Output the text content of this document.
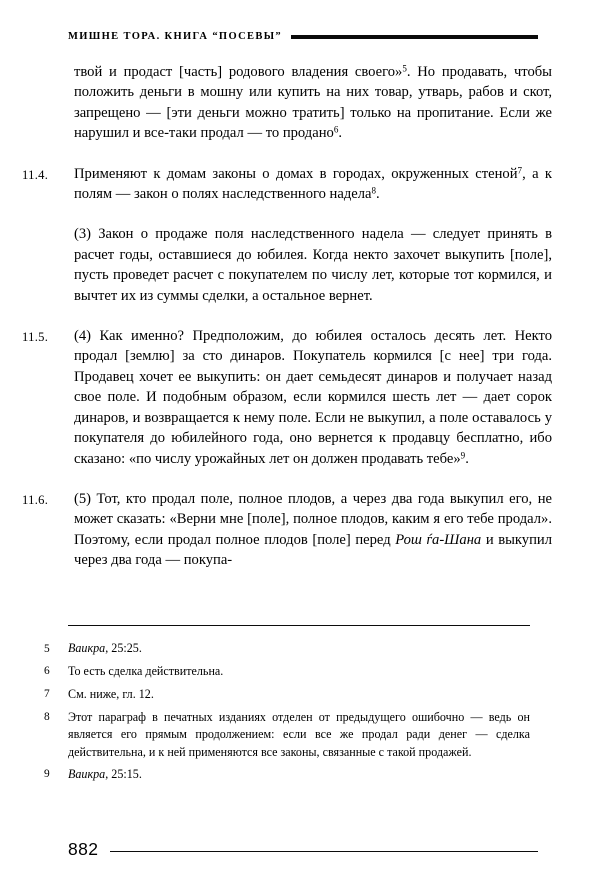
МИШНЕ ТОРА. КНИГА “ПОСЕВЫ”

твой и продаст [часть] родового владения своего»$^5$. Но продавать, чтобы положить деньги в мошну или купить на них товар, утварь, рабов и скот, запрещено — [эти деньги можно тратить] только на пропитание. Если же нарушил и все-таки продал — то продано$^6$.

11.4.	Применяют к домам законы о домах в городах, окруженных стеной$^7$, а к полям — закон о полях наследственного надела$^8$.

(3) Закон о продаже поля наследственного надела — следует принять в расчет годы, оставшиеся до юбилея. Когда некто захочет выкупить [поле], пусть проведет расчет с покупателем по числу лет, которые тот кормился, и вычтет их из суммы сделки, а остальное вернет.

11.5.	(4) Как именно? Предположим, до юбилея осталось десять лет. Некто продал [землю] за сто динаров. Покупатель кормился [с нее] три года. Продавец хочет ее выкупить: он дает семьдесят динаров и получает назад свое поле. И подобным образом, если кормился шесть лет — дает сорок динаров, и возвращается к нему поле. Если не выкупил, а поле оставалось у покупателя до юбилейного года, оно вернется к продавцу бесплатно, ибо сказано: «по числу урожайных лет он должен продавать тебе»$^9$.

11.6.	(5) Тот, кто продал поле, полное плодов, а через два года выкупил его, не может сказать: «Верни мне [поле], полное плодов, каким я его тебе продал». Поэтому, если продал полное плодов [поле] перед Рош ѓа-Шана и выкупил через два года — покупа-

5	Ваикра, 25:25.
6	То есть сделка действительна.
7	См. ниже, гл. 12.
8	Этот параграф в печатных изданиях отделен от предыдущего ошибочно — ведь он является его прямым продолжением: если все же продал ради денег — сделка действительна, и к ней применяются все законы, связанные с такой продажей.
9	Ваикра, 25:15.
882
